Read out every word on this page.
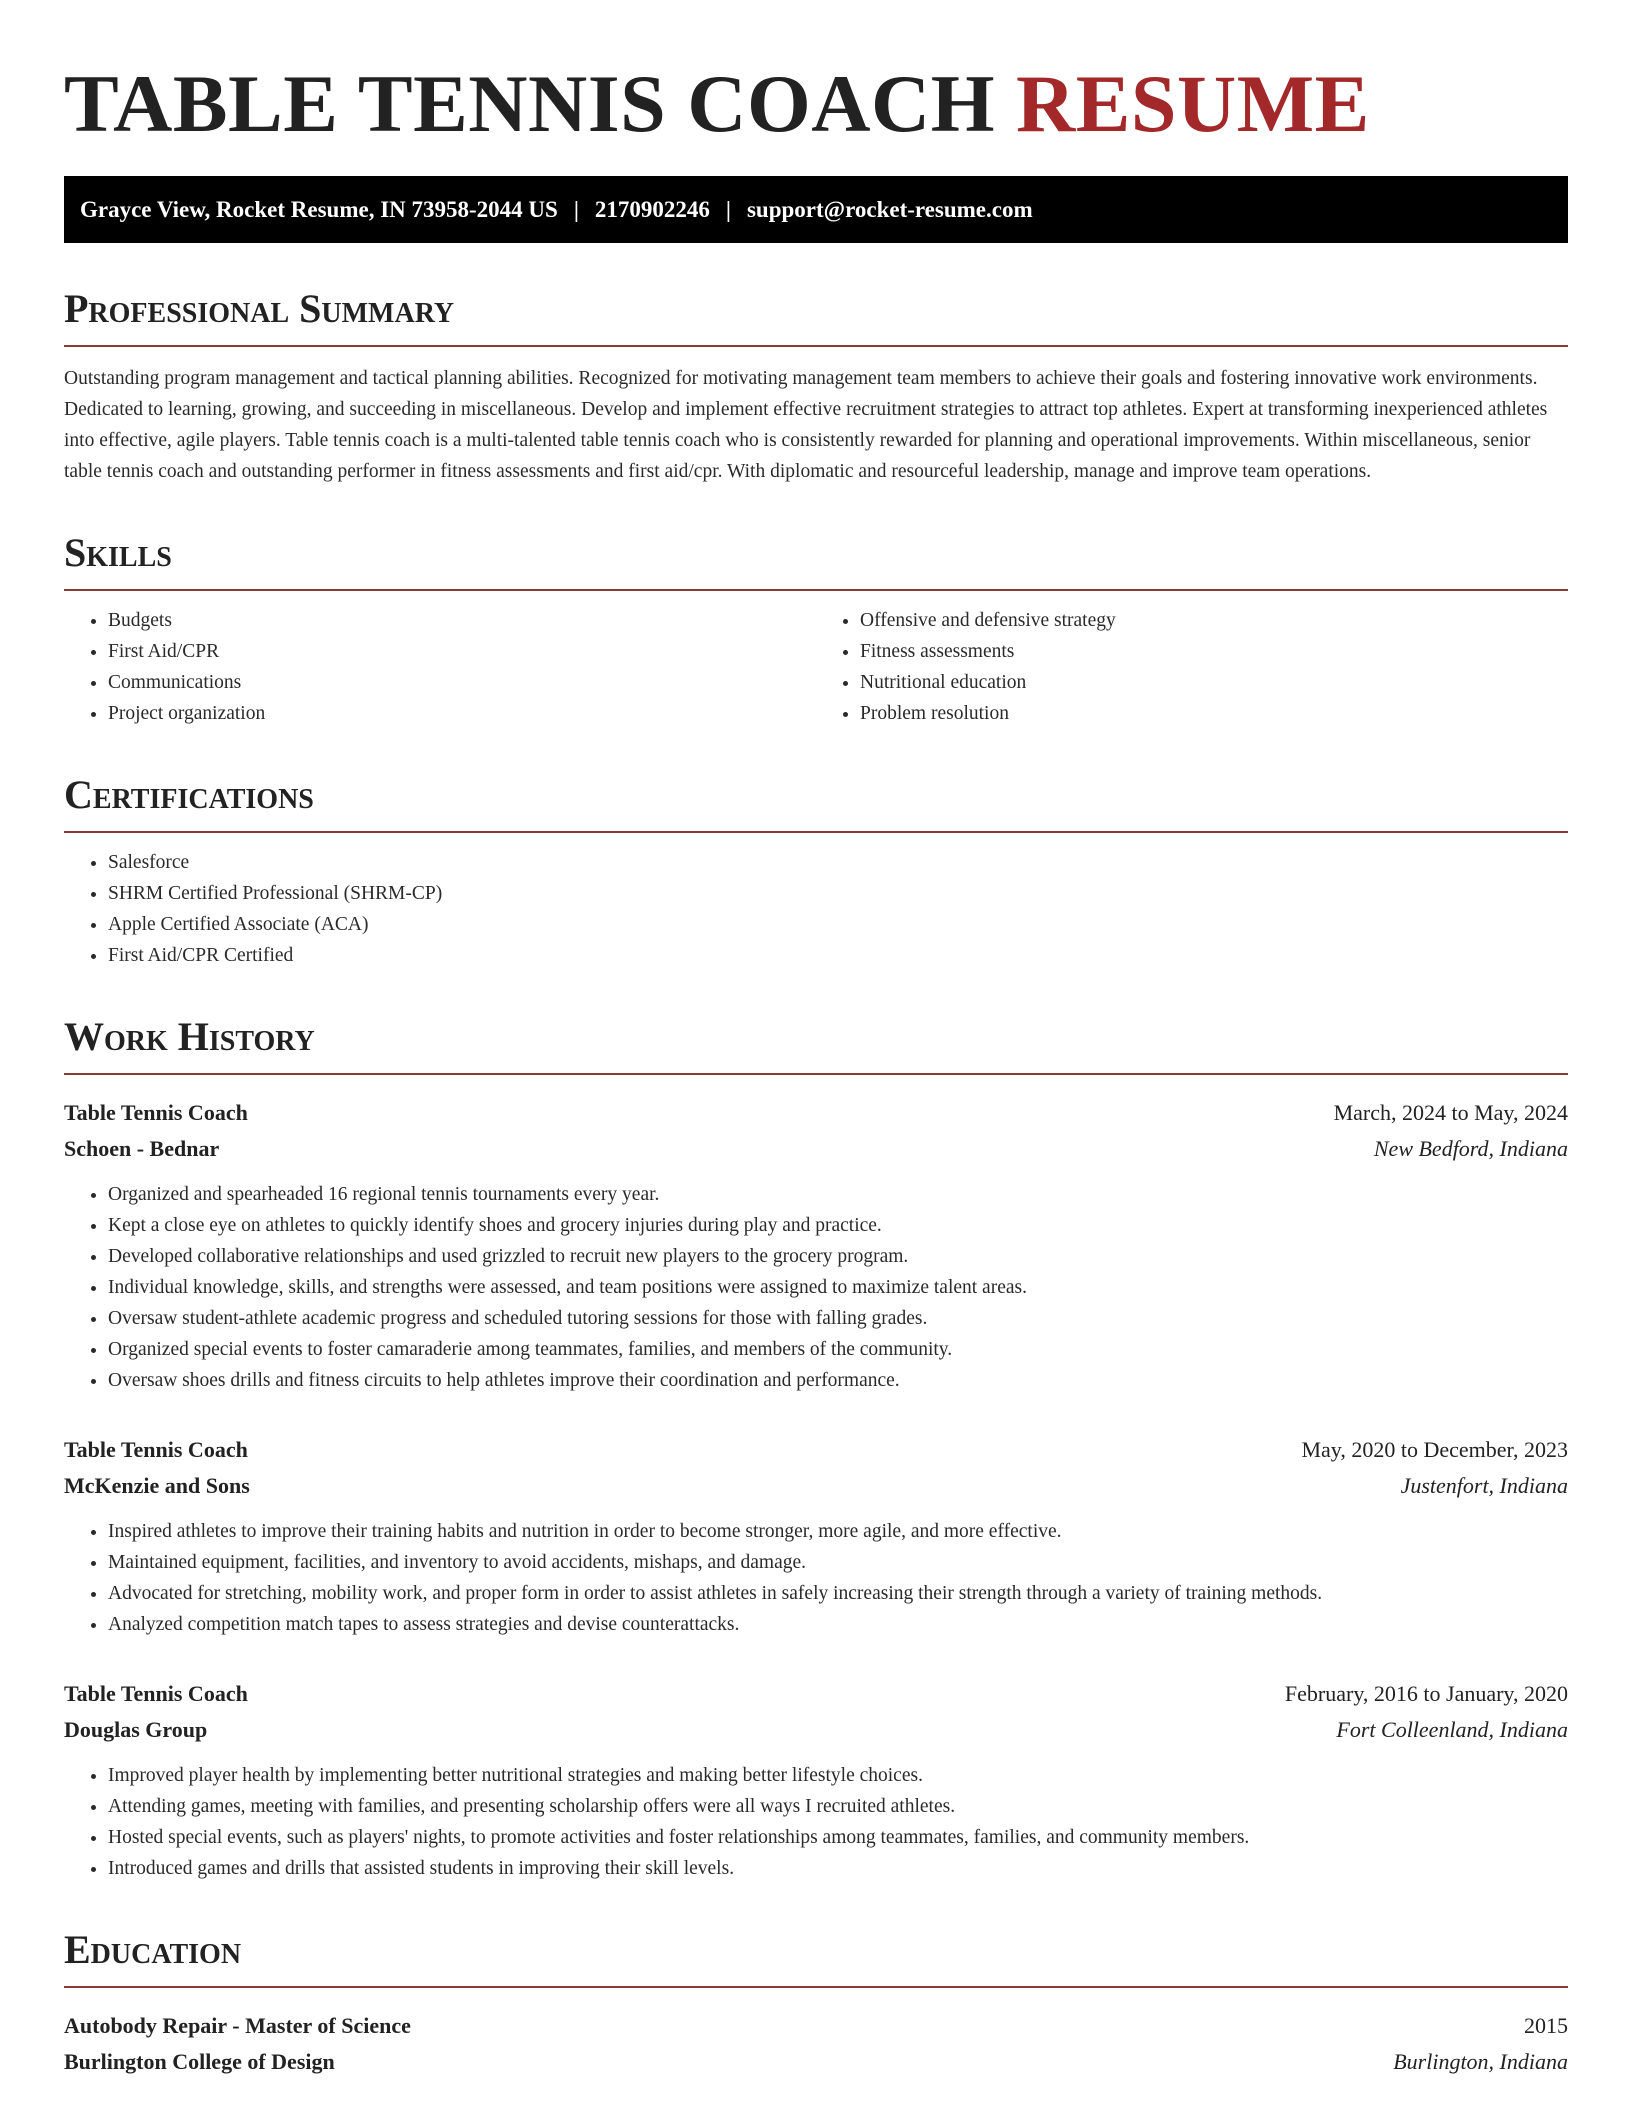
TABLE TENNIS COACH RESUME
Grayce View, Rocket Resume, IN 73958-2044 US | 2170902246 | support@rocket-resume.com
Professional Summary

Outstanding program management and tactical planning abilities. Recognized for motivating management team members to achieve their goals and fostering innovative work environments. Dedicated to learning, growing, and succeeding in miscellaneous. Develop and implement effective recruitment strategies to attract top athletes. Expert at transforming inexperienced athletes into effective, agile players. Table tennis coach is a multi-talented table tennis coach who is consistently rewarded for planning and operational improvements. Within miscellaneous, senior table tennis coach and outstanding performer in fitness assessments and first aid/cpr. With diplomatic and resourceful leadership, manage and improve team operations.

Skills
• Budgets
• First Aid/CPR
• Communications
• Project organization
• Offensive and defensive strategy
• Fitness assessments
• Nutritional education
• Problem resolution
Certifications
• Salesforce
• SHRM Certified Professional (SHRM-CP)
• Apple Certified Associate (ACA)
• First Aid/CPR Certified
Work History
Table Tennis Coach	March, 2024 to May, 2024
Schoen - Bednar	New Bedford, Indiana
• Organized and spearheaded 16 regional tennis tournaments every year.
• Kept a close eye on athletes to quickly identify shoes and grocery injuries during play and practice.
• Developed collaborative relationships and used grizzled to recruit new players to the grocery program.
• Individual knowledge, skills, and strengths were assessed, and team positions were assigned to maximize talent areas.
• Oversaw student-athlete academic progress and scheduled tutoring sessions for those with falling grades.
• Organized special events to foster camaraderie among teammates, families, and members of the community.
• Oversaw shoes drills and fitness circuits to help athletes improve their coordination and performance.
Table Tennis Coach	May, 2020 to December, 2023
McKenzie and Sons	Justenfort, Indiana
• Inspired athletes to improve their training habits and nutrition in order to become stronger, more agile, and more effective.
• Maintained equipment, facilities, and inventory to avoid accidents, mishaps, and damage.
• Advocated for stretching, mobility work, and proper form in order to assist athletes in safely increasing their strength through a variety of training methods.
• Analyzed competition match tapes to assess strategies and devise counterattacks.
Table Tennis Coach	February, 2016 to January, 2020
Douglas Group	Fort Colleenland, Indiana
• Improved player health by implementing better nutritional strategies and making better lifestyle choices.
• Attending games, meeting with families, and presenting scholarship offers were all ways I recruited athletes.
• Hosted special events, such as players' nights, to promote activities and foster relationships among teammates, families, and community members.
• Introduced games and drills that assisted students in improving their skill levels.
Education
Autobody Repair - Master of Science	2015
Burlington College of Design	Burlington, Indiana
